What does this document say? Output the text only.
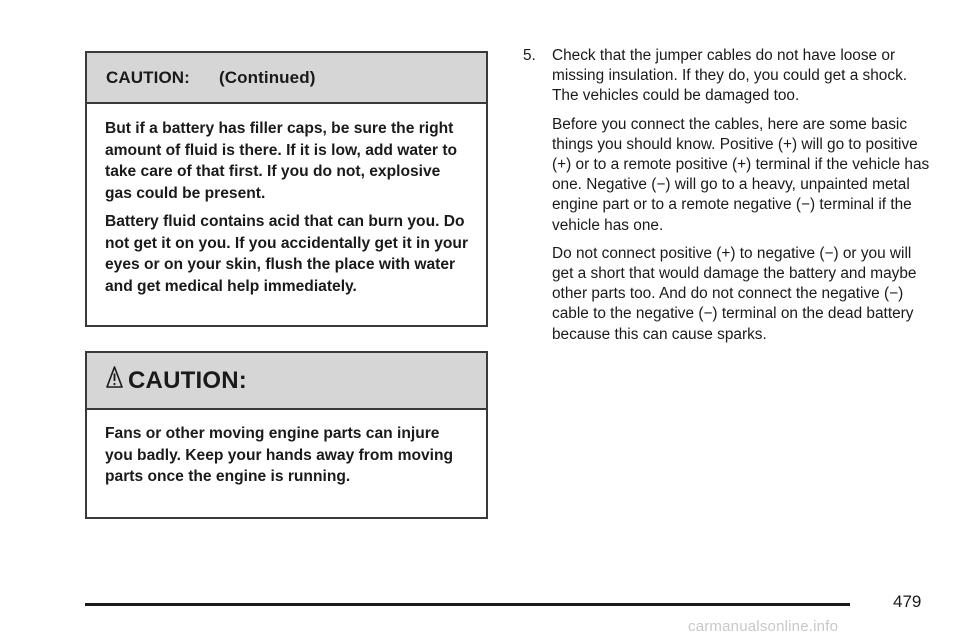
CAUTION:	(Continued)

But if a battery has filler caps, be sure the right amount of fluid is there. If it is low, add water to take care of that first. If you do not, explosive gas could be present.

Battery fluid contains acid that can burn you. Do not get it on you. If you accidentally get it in your eyes or on your skin, flush the place with water and get medical help immediately.

CAUTION:

Fans or other moving engine parts can injure you badly. Keep your hands away from moving parts once the engine is running.

5.	Check that the jumper cables do not have loose or missing insulation. If they do, you could get a shock. The vehicles could be damaged too.

Before you connect the cables, here are some basic things you should know. Positive (+) will go to positive (+) or to a remote positive (+) terminal if the vehicle has one. Negative (−) will go to a heavy, unpainted metal engine part or to a remote negative (−) terminal if the vehicle has one.

Do not connect positive (+) to negative (−) or you will get a short that would damage the battery and maybe other parts too. And do not connect the negative (−) cable to the negative (−) terminal on the dead battery because this can cause sparks.

479
carmanualsonline.info
